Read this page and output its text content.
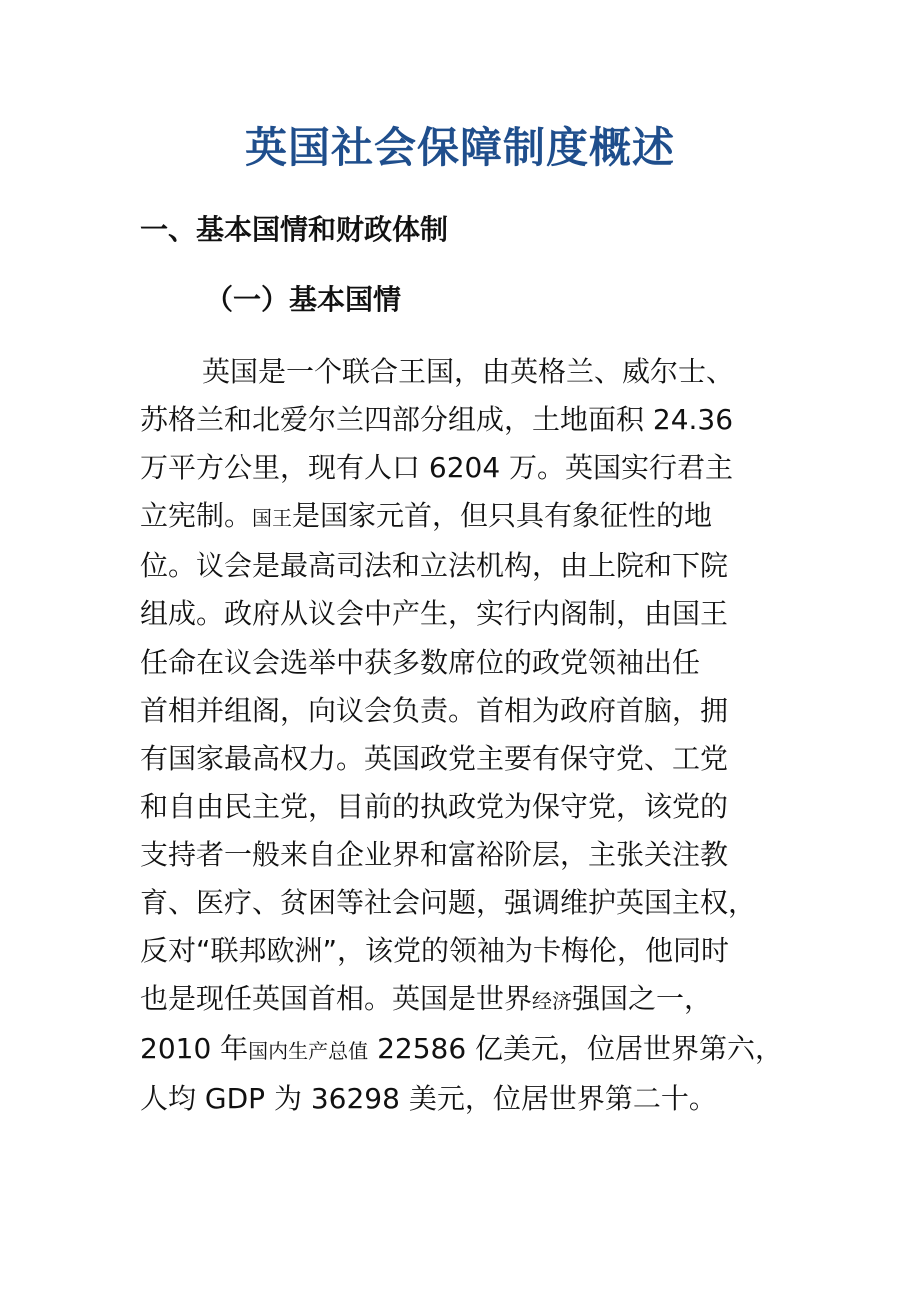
英国社会保障制度概述
一、基本国情和财政体制
（一）基本国情
英国是一个联合王国，由英格兰、威尔士、
苏格兰和北爱尔兰四部分组成，土地面积 24.36
万平方公里，现有人口 6204 万。英国实行君主
立宪制。国王是国家元首，但只具有象征性的地
位。议会是最高司法和立法机构，由上院和下院
组成。政府从议会中产生，实行内阁制，由国王
任命在议会选举中获多数席位的政党领袖出任
首相并组阁，向议会负责。首相为政府首脑，拥
有国家最高权力。英国政党主要有保守党、工党
和自由民主党，目前的执政党为保守党，该党的
支持者一般来自企业界和富裕阶层，主张关注教
育、医疗、贫困等社会问题，强调维护英国主权，
反对“联邦欧洲”，该党的领袖为卡梅伦，他同时
也是现任英国首相。英国是世界经济强国之一，
2010 年国内生产总值 22586 亿美元，位居世界第六，
人均 GDP 为 36298 美元，位居世界第二十。
